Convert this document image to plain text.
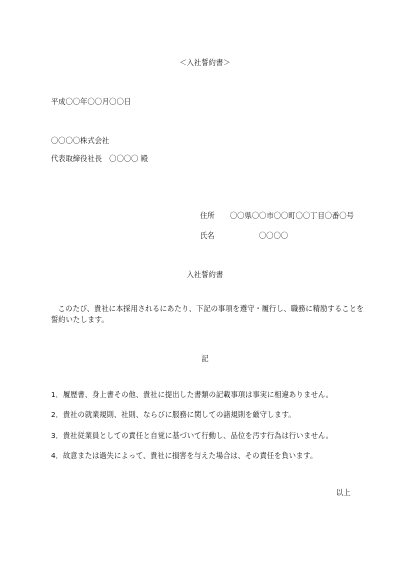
＜入社誓約書＞
平成〇〇年〇〇月〇〇日
〇〇〇〇株式会社
代表取締役社長　〇〇〇〇 殿
住所 〇〇県〇〇市〇〇町〇〇丁目〇番〇号
氏名	〇〇〇〇
入社誓約書
このたび、貴社に本採用されるにあたり、下記の事項を遵守・履行し、職務に精励することを誓約いたします。
記
1．履歴書、身上書その他、貴社に提出した書類の記載事項は事実に相違ありません。
2．貴社の就業規則、社則、ならびに服務に関しての諸規則を厳守します。
3．貴社従業員としての責任と自覚に基づいて行動し、品位を汚す行為は行いません。
4．故意または過失によって、貴社に損害を与えた場合は、その責任を負います。
以上
